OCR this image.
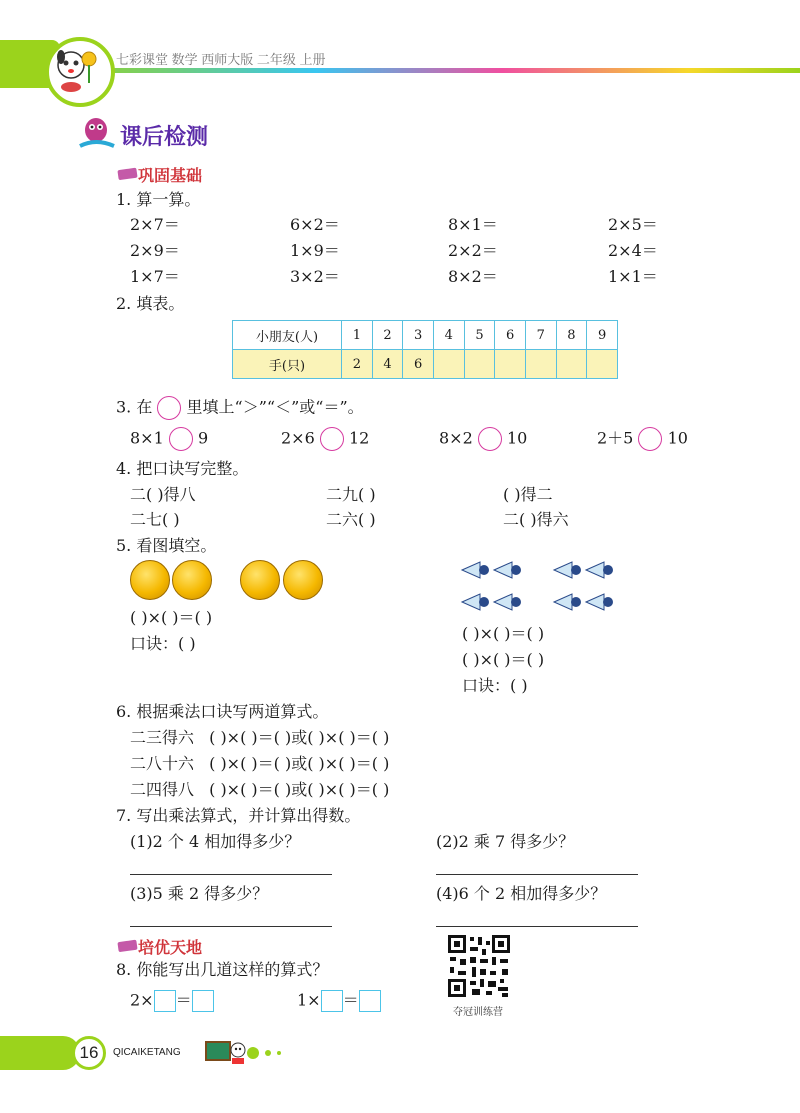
七彩课堂 数学 西师大版 二年级 上册
课后检测
巩固基础
1. 算一算。
2×7＝	6×2＝	8×1＝	2×5＝
2×9＝	1×9＝	2×2＝	2×4＝
1×7＝	3×2＝	8×2＝	1×1＝
2. 填表。
小朋友(人)	1	2	3	4	5	6	7	8	9
手(只)	2	4	6						
3. 在 里填上“＞”“＜”或“＝”。
8×1 9	2×6 12	8×2 10	2＋5 10
4. 把口诀写完整。
二( )得八	二九( )	( )得二
二七( )	二六( )	二( )得六
5. 看图填空。
( )×( )＝( )
口诀：( )
( )×( )＝( )
( )×( )＝( )
口诀：( )
6. 根据乘法口诀写两道算式。
二三得六 ( )×( )＝( )或( )×( )＝( )
二八十六 ( )×( )＝( )或( )×( )＝( )
二四得八 ( )×( )＝( )或( )×( )＝( )
7. 写出乘法算式，并计算出得数。
(1)2 个 4 相加得多少？	(2)2 乘 7 得多少？
(3)5 乘 2 得多少？	(4)6 个 2 相加得多少？
培优天地
8. 你能写出几道这样的算式？
2× ＝	1× ＝
夺冠训练营
16	QICAIKETANG
